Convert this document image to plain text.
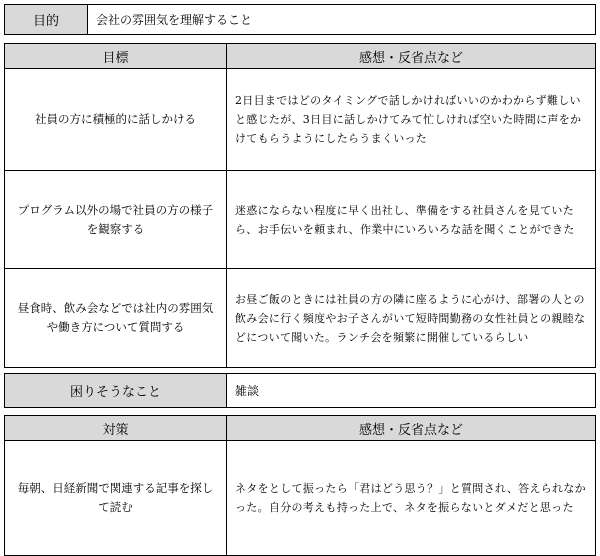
目的	会社の雰囲気を理解すること
目標	感想・反省点など
社員の方に積極的に話しかける	2日目まではどのタイミングで話しかければいいのかわからず難しいと感じたが、3日目に話しかけてみて忙しければ空いた時間に声をかけてもらうようにしたらうまくいった
プログラム以外の場で社員の方の様子を観察する	迷惑にならない程度に早く出社し、準備をする社員さんを見ていたら、お手伝いを頼まれ、作業中にいろいろな話を聞くことができた
昼食時、飲み会などでは社内の雰囲気や働き方について質問する	お昼ご飯のときには社員の方の隣に座るように心がけ、部署の人との飲み会に行く頻度やお子さんがいて短時間勤務の女性社員との親睦などについて聞いた。ランチ会を頻繁に開催しているらしい
困りそうなこと	雑談
対策	感想・反省点など
毎朝、日経新聞で関連する記事を探して読む	ネタをとして振ったら「君はどう思う？」と質問され、答えられなかった。自分の考えも持った上で、ネタを振らないとダメだと思った
